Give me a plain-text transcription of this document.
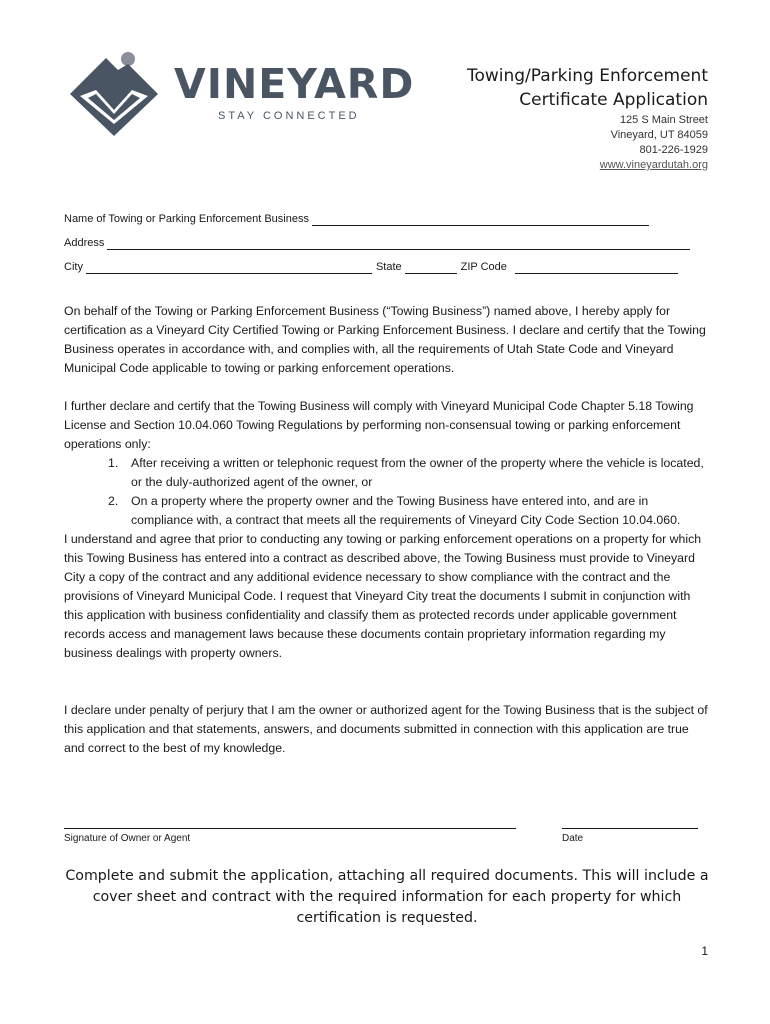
VINEYARD
STAY CONNECTED
Towing/Parking Enforcement
Certificate Application
125 S Main Street
Vineyard, UT 84059
801-226-1929
www.vineyardutah.org
Name of Towing or Parking Enforcement Business
Address
City	State	ZIP Code

On behalf of the Towing or Parking Enforcement Business (“Towing Business”) named above, I hereby apply for certification as a Vineyard City Certified Towing or Parking Enforcement Business. I declare and certify that the Towing Business operates in accordance with, and complies with, all the requirements of Utah State Code and Vineyard Municipal Code applicable to towing or parking enforcement operations.

I further declare and certify that the Towing Business will comply with Vineyard Municipal Code Chapter 5.18 Towing License and Section 10.04.060 Towing Regulations by performing non-consensual towing or parking enforcement operations only:

1. After receiving a written or telephonic request from the owner of the property where the vehicle is located, or the duly-authorized agent of the owner, or
2. On a property where the property owner and the Towing Business have entered into, and are in compliance with, a contract that meets all the requirements of Vineyard City Code Section 10.04.060.

I understand and agree that prior to conducting any towing or parking enforcement operations on a property for which this Towing Business has entered into a contract as described above, the Towing Business must provide to Vineyard City a copy of the contract and any additional evidence necessary to show compliance with the contract and the provisions of Vineyard Municipal Code. I request that Vineyard City treat the documents I submit in conjunction with this application with business confidentiality and classify them as protected records under applicable government records access and management laws because these documents contain proprietary information regarding my business dealings with property owners.

I declare under penalty of perjury that I am the owner or authorized agent for the Towing Business that is the subject of this application and that statements, answers, and documents submitted in connection with this application are true and correct to the best of my knowledge.

Signature of Owner or Agent	Date
Complete and submit the application, attaching all required documents. This will include a cover sheet and contract with the required information for each property for which certification is requested.
1
